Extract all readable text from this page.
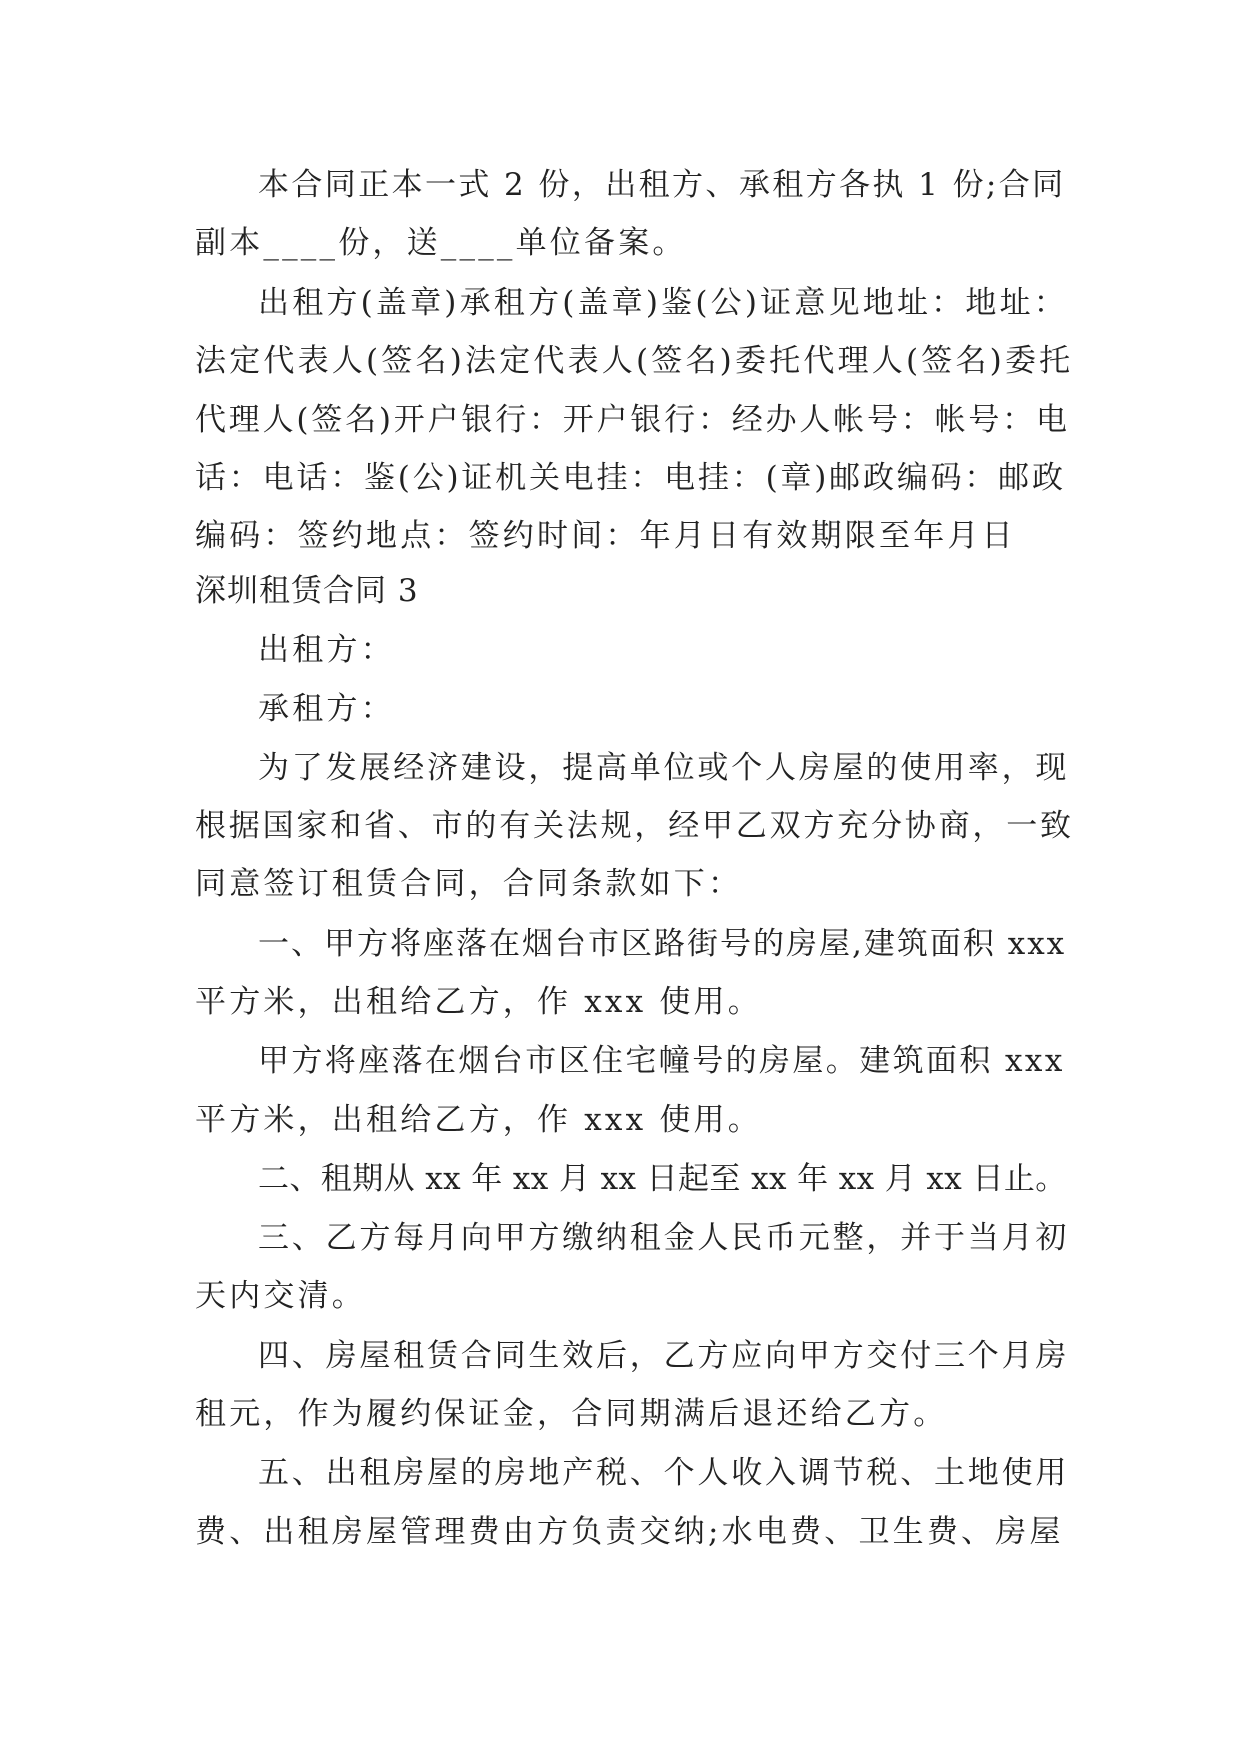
本合同正本一式 2 份，出租方、承租方各执 1 份;合同
副本____份，送____单位备案。
出租方(盖章)承租方(盖章)鉴(公)证意见地址：地址：
法定代表人(签名)法定代表人(签名)委托代理人(签名)委托
代理人(签名)开户银行：开户银行：经办人帐号：帐号：电
话：电话：鉴(公)证机关电挂：电挂：(章)邮政编码：邮政
编码：签约地点：签约时间：年月日有效期限至年月日
深圳租赁合同 3
出租方：
承租方：
为了发展经济建设，提高单位或个人房屋的使用率，现
根据国家和省、市的有关法规，经甲乙双方充分协商，一致
同意签订租赁合同，合同条款如下：
一、甲方将座落在烟台市区路街号的房屋,建筑面积 xxx
平方米，出租给乙方，作 xxx 使用。
甲方将座落在烟台市区住宅幢号的房屋。建筑面积 xxx
平方米，出租给乙方，作 xxx 使用。
二、租期从 xx 年 xx 月 xx 日起至 xx 年 xx 月 xx 日止。
三、乙方每月向甲方缴纳租金人民币元整，并于当月初
天内交清。
四、房屋租赁合同生效后，乙方应向甲方交付三个月房
租元，作为履约保证金，合同期满后退还给乙方。
五、出租房屋的房地产税、个人收入调节税、土地使用
费、出租房屋管理费由方负责交纳;水电费、卫生费、房屋
